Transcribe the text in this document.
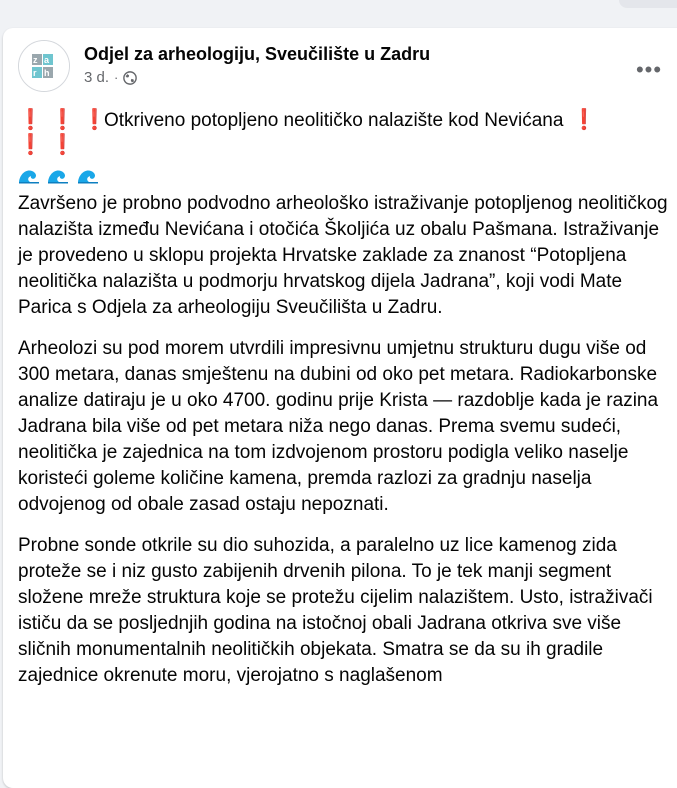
z a
r h
Odjel za arheologiju, Sveučilište u Zadru
3 d. ·	•••
❗ ❗ ❗Otkriveno potopljeno neolitičko nalazište kod Nevićana ❗
❗ ❗

Završeno je probno podvodno arheološko istraživanje potopljenog neolitičkog nalazišta između Nevićana i otočića Školjića uz obalu Pašmana. Istraživanje je provedeno u sklopu projekta Hrvatske zaklade za znanost “Potopljena neolitička nalazišta u podmorju hrvatskog dijela Jadrana”, koji vodi Mate Parica s Odjela za arheologiju Sveučilišta u Zadru.

Arheolozi su pod morem utvrdili impresivnu umjetnu strukturu dugu više od 300 metara, danas smještenu na dubini od oko pet metara. Radiokarbonske analize datiraju je u oko 4700. godinu prije Krista — razdoblje kada je razina Jadrana bila više od pet metara niža nego danas. Prema svemu sudeći, neolitička je zajednica na tom izdvojenom prostoru podigla veliko naselje koristeći goleme količine kamena, premda razlozi za gradnju naselja odvojenog od obale zasad ostaju nepoznati.

Probne sonde otkrile su dio suhozida, a paralelno uz lice kamenog zida proteže se i niz gusto zabijenih drvenih pilona. To je tek manji segment složene mreže struktura koje se protežu cijelim nalazištem. Usto, istraživači ističu da se posljednjih godina na istočnoj obali Jadrana otkriva sve više sličnih monumentalnih neolitičkih objekata. Smatra se da su ih gradile zajednice okrenute moru, vjerojatno s naglašenom
